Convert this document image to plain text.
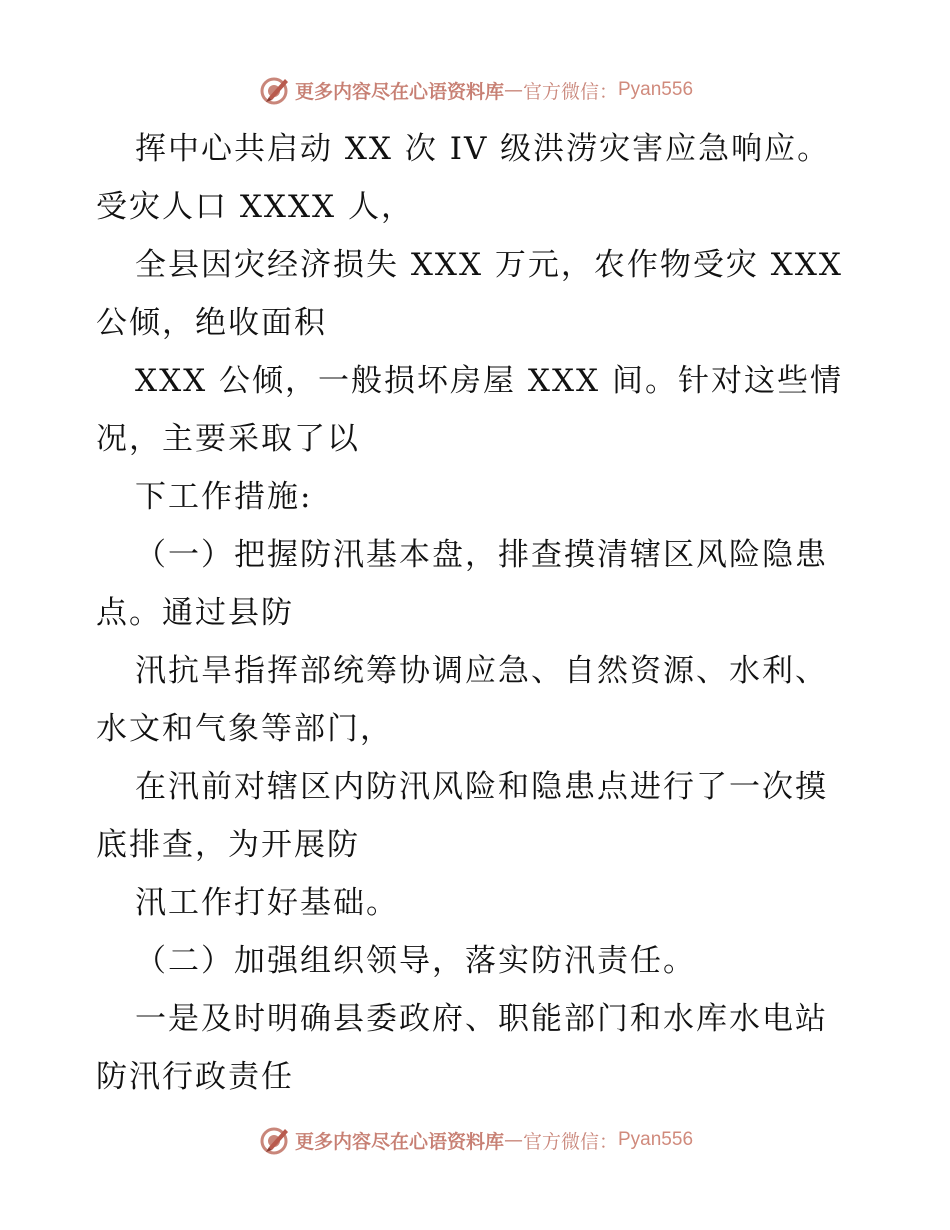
更多内容尽在心语资料库 — 官方微信： Pyan556
挥中心共启动 XX 次 IV 级洪涝灾害应急响应。
受灾人口 XXXX 人，
全县因灾经济损失 XXX 万元，农作物受灾 XXX
公倾，绝收面积
XXX 公倾，一般损坏房屋 XXX 间。针对这些情
况，主要采取了以
下工作措施:
（一）把握防汛基本盘，排查摸清辖区风险隐患
点。通过县防
汛抗旱指挥部统筹协调应急、自然资源、水利、
水文和气象等部门，
在汛前对辖区内防汛风险和隐患点进行了一次摸
底排查，为开展防
汛工作打好基础。
（二）加强组织领导，落实防汛责任。
一是及时明确县委政府、职能部门和水库水电站
防汛行政责任
更多内容尽在心语资料库 — 官方微信： Pyan556
